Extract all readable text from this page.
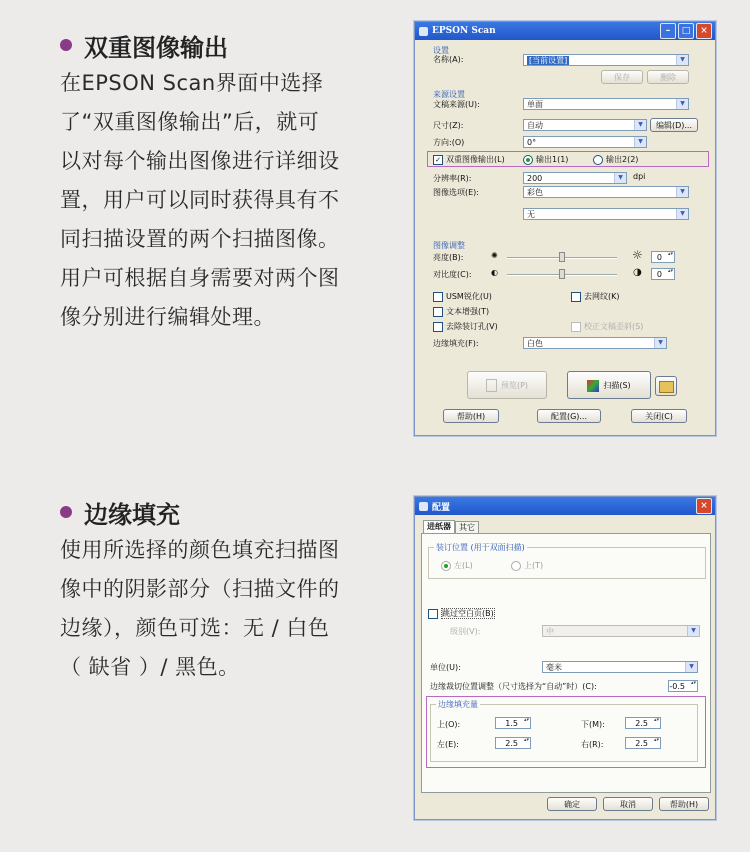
双重图像输出
在EPSON Scan界面中选择
了“双重图像输出”后，就可
以对每个输出图像进行详细设
置，用户可以同时获得具有不
同扫描设置的两个扫描图像。
用户可根据自身需要对两个图
像分别进行编辑处理。
边缘填充
使用所选择的颜色填充扫描图
像中的阴影部分（扫描文件的
边缘），颜色可选：无 / 白色
（ 缺省 ）/ 黑色。
EPSON Scan	–	□	×
设置
名称(A):	[当前设置]	▼
保存	删除
来源设置
文稿来源(U):	单面	▼
尺寸(Z):	自动	▼	编辑(D)...
方向:(O)	0°	▼
✓ 双重图像输出(L)	输出1(1)	输出2(2)
分辨率(R):	200	▼	dpi
图像选项(E):	彩色	▼
无	▼
图像调整
亮度(B):	✺	☼	0 ▴▾
对比度(C): ◐	◑	0 ▴▾
USM锐化(U)	去网纹(K)
文本增强(T)
去除装订孔(V)	校正文稿歪斜(S)
边缘填充(F):	白色	▼
预览(P)	扫描(S)
帮助(H)	配置(G)...	关闭(C)
配置	×
进纸器	其它
装订位置 (用于双面扫描)
左(L)	上(T)
跳过空白页(B)
级别(V):	中	▼
单位(U):	毫米	▼
边缘裁切位置调整（尺寸选择为“自动”时）(C):	-0.5 ▴▾
边缘填充量
上(O):	1.5 ▴▾	下(M):	2.5 ▴▾
左(E):	2.5 ▴▾	右(R):	2.5 ▴▾
确定	取消	帮助(H)
